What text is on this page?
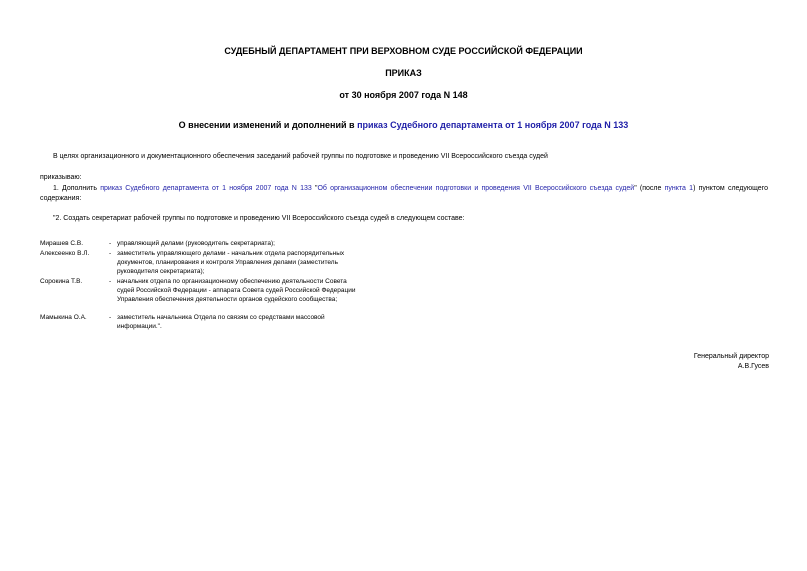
СУДЕБНЫЙ ДЕПАРТАМЕНТ ПРИ ВЕРХОВНОМ СУДЕ РОССИЙСКОЙ ФЕДЕРАЦИИ
ПРИКАЗ
от 30 ноября 2007 года N 148
О внесении изменений и дополнений в приказ Судебного департамента от 1 ноября 2007 года N 133
В целях организационного и документационного обеспечения заседаний рабочей группы по подготовке и проведению VII Всероссийского съезда судей
приказываю:
1. Дополнить приказ Судебного департамента от 1 ноября 2007 года N 133 "Об организационном обеспечении подготовки и проведения VII Всероссийского съезда судей" (после пункта 1) пунктом следующего содержания:
"2. Создать секретариат рабочей группы по подготовке и проведению VII Всероссийского съезда судей в следующем составе:
Мирашев С.В.	- управляющий делами (руководитель секретариата);
Алексеенко В.Л.	- заместитель управляющего делами - начальник отдела распорядительных документов, планирования и контроля Управления делами (заместитель руководителя секретариата);
Сорокина Т.В.	- начальник отдела по организационному обеспечению деятельности Совета судей Российской Федерации - аппарата Совета судей Российской Федерации Управления обеспечения деятельности органов судейского сообщества;
Мамыкина О.А.	- заместитель начальника Отдела по связям со средствами массовой информации.".
Генеральный директор
А.В.Гусев
